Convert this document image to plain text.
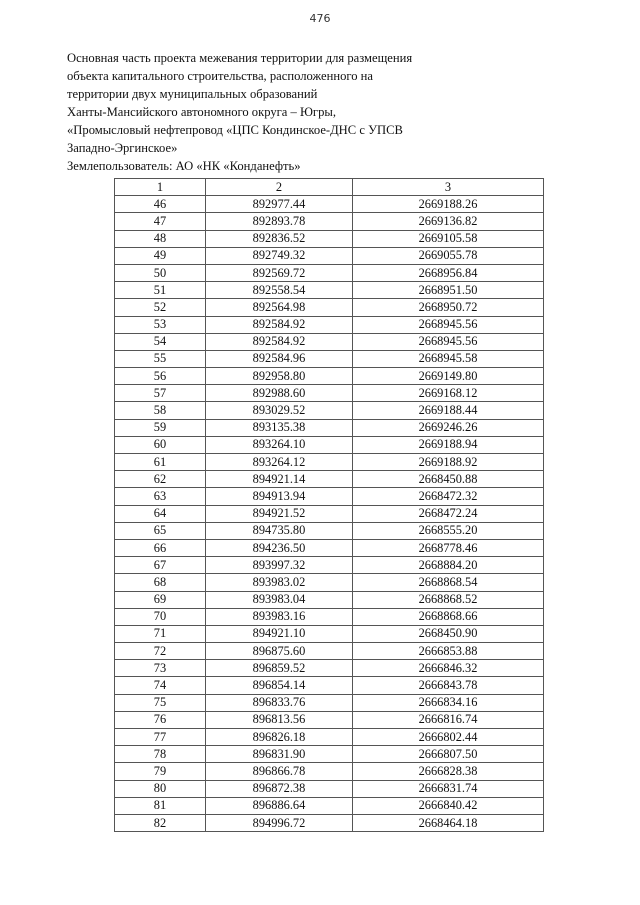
476
Основная часть проекта межевания территории для размещения
объекта капитального строительства, расположенного на
территории двух муниципальных образований
Ханты-Мансийского автономного округа – Югры,
«Промысловый нефтепровод «ЦПС Кондинское-ДНС с УПСВ
Западно-Эргинское»
Землепользователь: АО «НК «Конданефть»
1	2	3
46	892977.44	2669188.26
47	892893.78	2669136.82
48	892836.52	2669105.58
49	892749.32	2669055.78
50	892569.72	2668956.84
51	892558.54	2668951.50
52	892564.98	2668950.72
53	892584.92	2668945.56
54	892584.92	2668945.56
55	892584.96	2668945.58
56	892958.80	2669149.80
57	892988.60	2669168.12
58	893029.52	2669188.44
59	893135.38	2669246.26
60	893264.10	2669188.94
61	893264.12	2669188.92
62	894921.14	2668450.88
63	894913.94	2668472.32
64	894921.52	2668472.24
65	894735.80	2668555.20
66	894236.50	2668778.46
67	893997.32	2668884.20
68	893983.02	2668868.54
69	893983.04	2668868.52
70	893983.16	2668868.66
71	894921.10	2668450.90
72	896875.60	2666853.88
73	896859.52	2666846.32
74	896854.14	2666843.78
75	896833.76	2666834.16
76	896813.56	2666816.74
77	896826.18	2666802.44
78	896831.90	2666807.50
79	896866.78	2666828.38
80	896872.38	2666831.74
81	896886.64	2666840.42
82	894996.72	2668464.18
